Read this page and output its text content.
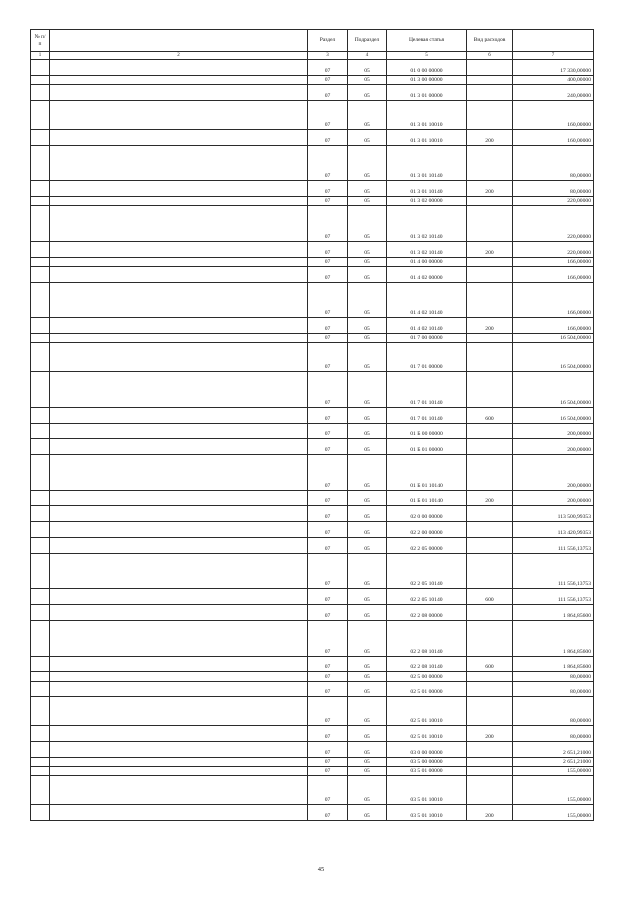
№ п/п		Раздел	Подраздел	Целевая статья	Вид расходов	
1	2	3	4	5	6	7
		07	05	01 0 00 00000		17 330,00000
		07	05	01 3 00 00000		400,00000
		07	05	01 3 01 00000		240,00000
		07	05	01 3 01 10010		160,00000
		07	05	01 3 01 10010	200	160,00000
		07	05	01 3 01 10140		80,00000
		07	05	01 3 01 10140	200	80,00000
		07	05	01 3 02 00000		220,00000
		07	05	01 3 02 10140		220,00000
		07	05	01 3 02 10140	200	220,00000
		07	05	01 4 00 00000		166,00000
		07	05	01 4 02 00000		166,00000
		07	05	01 4 02 10140		166,00000
		07	05	01 4 02 10140	200	166,00000
		07	05	01 7 00 00000		16 504,00000
		07	05	01 7 01 00000		16 504,00000
		07	05	01 7 01 10140		16 504,00000
		07	05	01 7 01 10140	600	16 504,00000
		07	05	01 Б 00 00000		200,00000
		07	05	01 Б 01 00000		200,00000
		07	05	01 Б 01 10140		200,00000
		07	05	01 Б 01 10140	200	200,00000
		07	05	02 0 00 00000		113 500,99353
		07	05	02 2 00 00000		113 420,99353
		07	05	02 2 05 00000		111 556,13753
		07	05	02 2 05 10140		111 556,13753
		07	05	02 2 05 10140	600	111 556,13753
		07	05	02 2 08 00000		1 864,85600
		07	05	02 2 08 10140		1 864,85600
		07	05	02 2 08 10140	600	1 864,85600
		07	05	02 5 00 00000		80,00000
		07	05	02 5 01 00000		80,00000
		07	05	02 5 01 10010		80,00000
		07	05	02 5 01 10010	200	80,00000
		07	05	03 0 00 00000		2 651,21000
		07	05	03 5 00 00000		2 651,21000
		07	05	03 5 01 00000		155,00000
		07	05	03 5 01 10010		155,00000
		07	05	03 5 01 10010	200	155,00000
45
